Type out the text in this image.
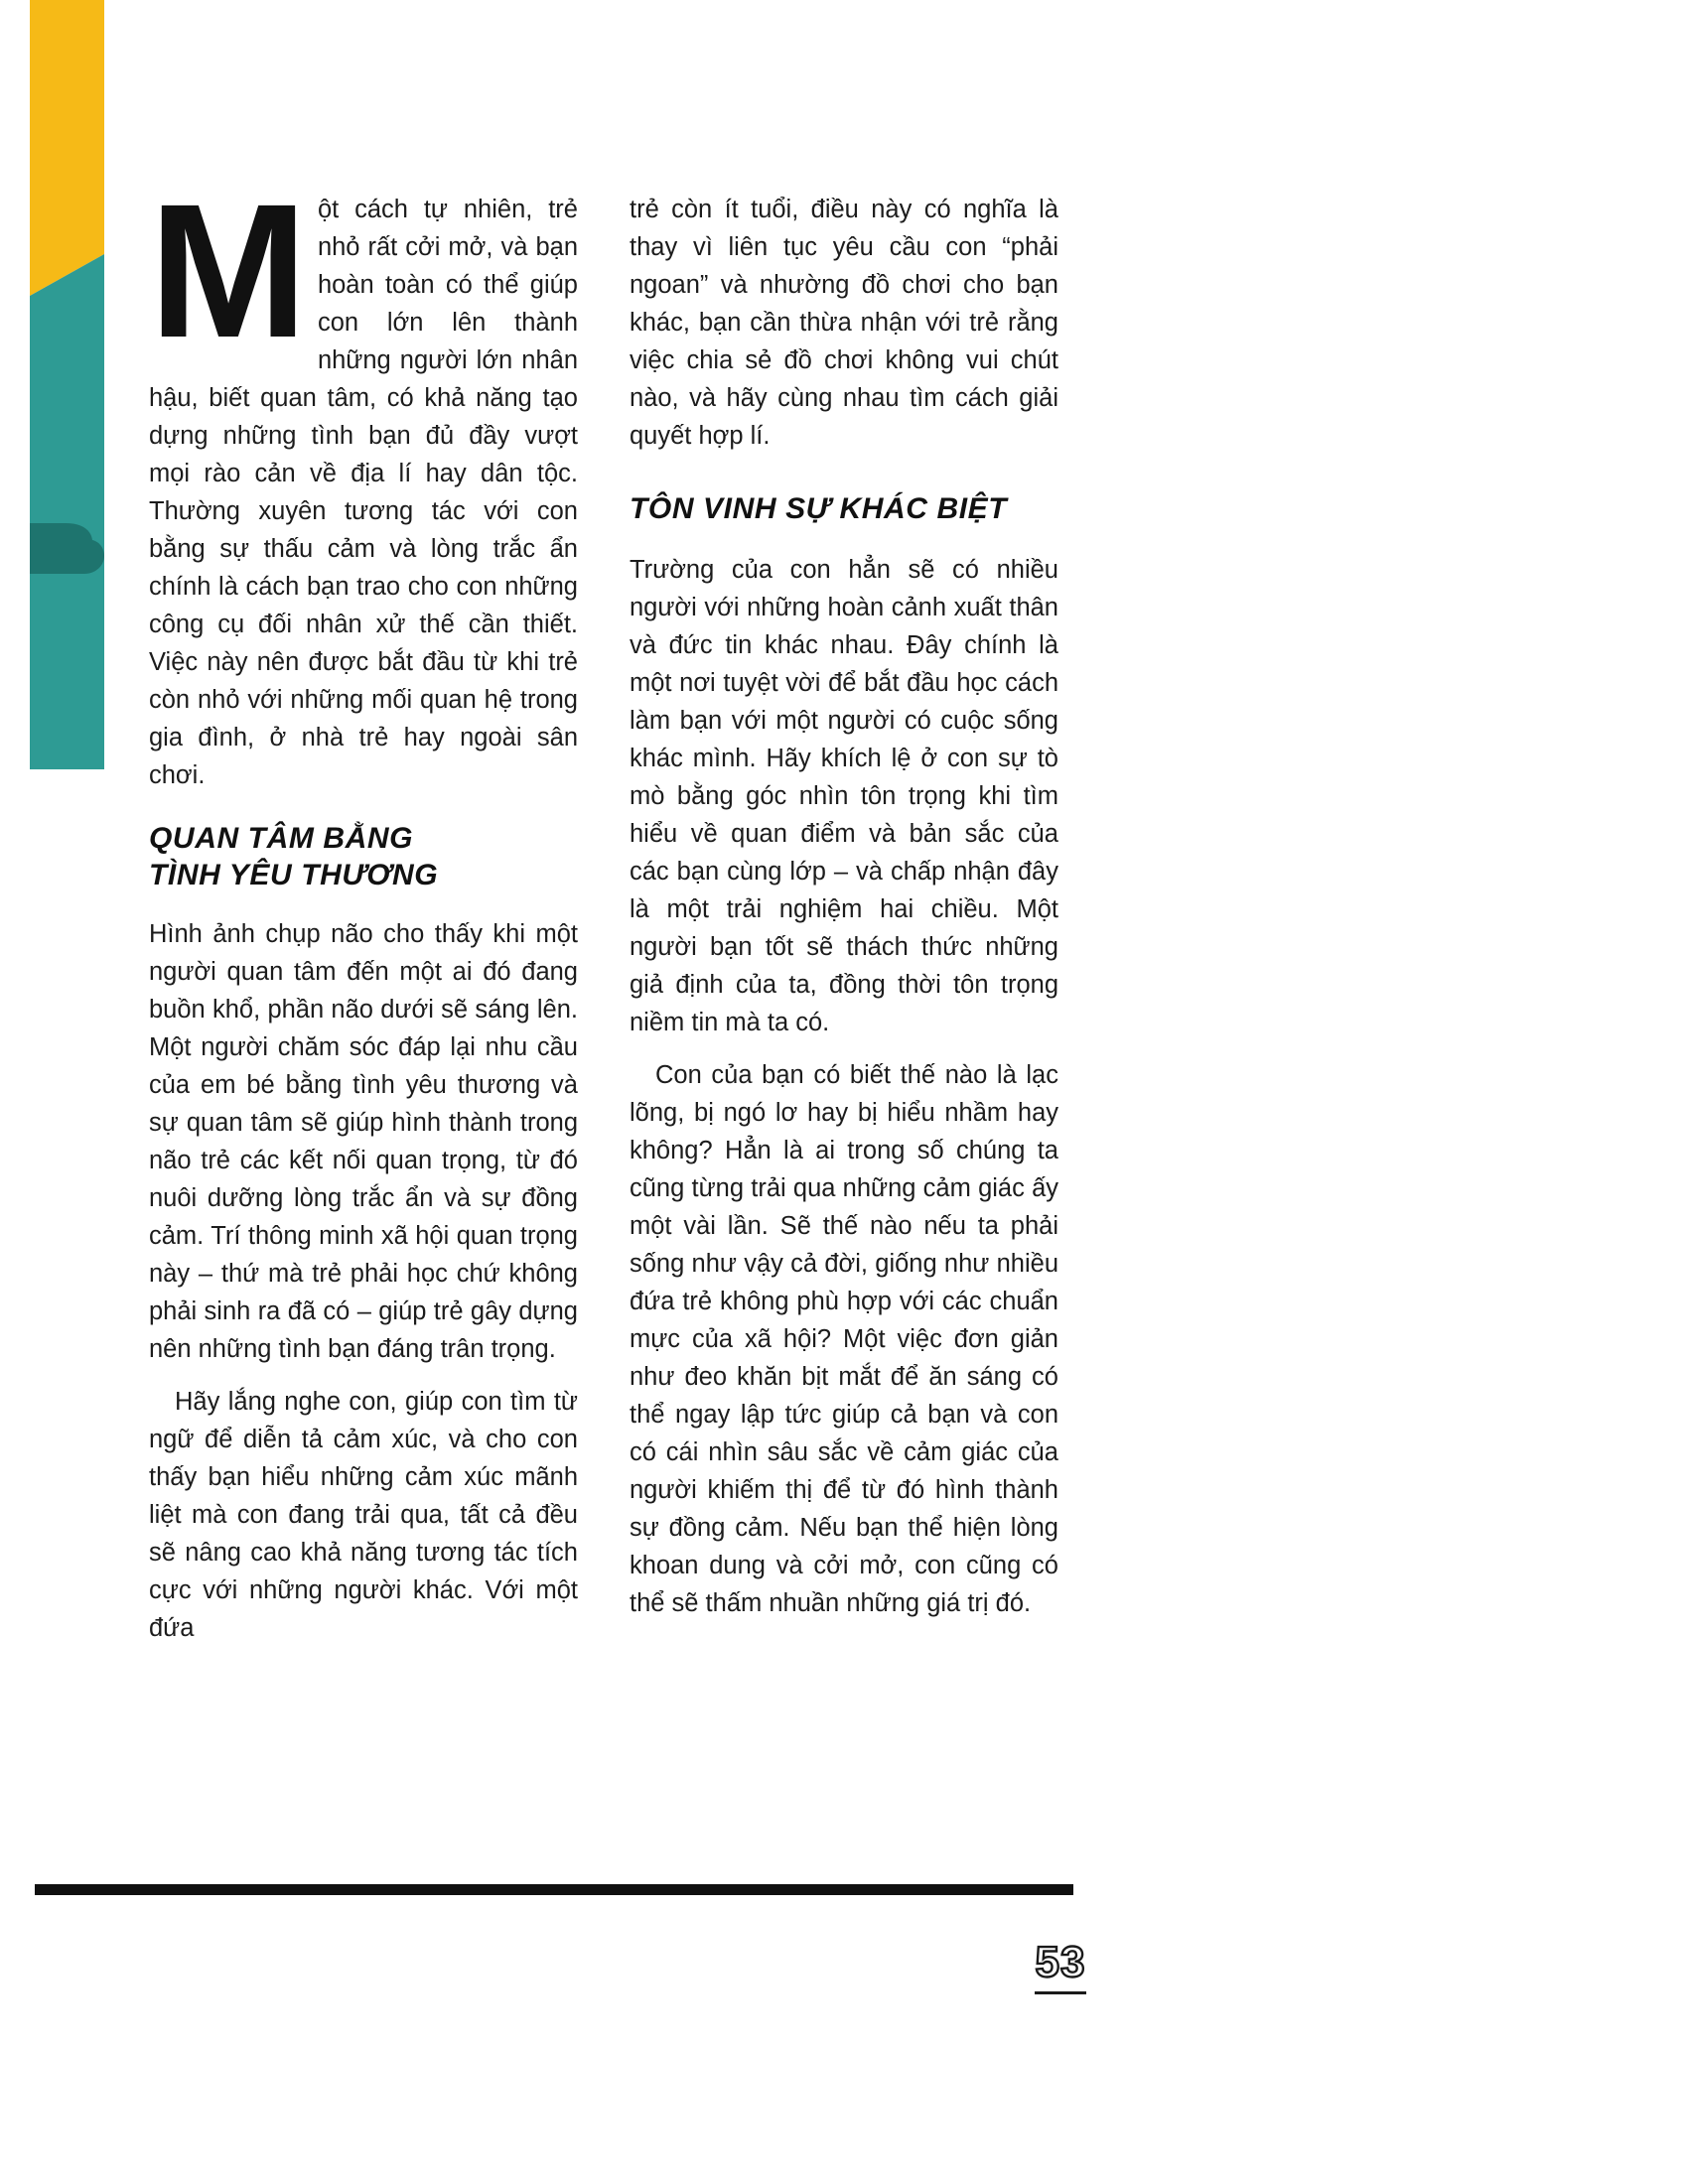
Một cách tự nhiên, trẻ nhỏ rất cởi mở, và bạn hoàn toàn có thể giúp con lớn lên thành những người lớn nhân hậu, biết quan tâm, có khả năng tạo dựng những tình bạn đủ đầy vượt mọi rào cản về địa lí hay dân tộc. Thường xuyên tương tác với con bằng sự thấu cảm và lòng trắc ẩn chính là cách bạn trao cho con những công cụ đối nhân xử thế cần thiết. Việc này nên được bắt đầu từ khi trẻ còn nhỏ với những mối quan hệ trong gia đình, ở nhà trẻ hay ngoài sân chơi.

QUAN TÂM BẰNG
TÌNH YÊU THƯƠNG

Hình ảnh chụp não cho thấy khi một người quan tâm đến một ai đó đang buồn khổ, phần não dưới sẽ sáng lên. Một người chăm sóc đáp lại nhu cầu của em bé bằng tình yêu thương và sự quan tâm sẽ giúp hình thành trong não trẻ các kết nối quan trọng, từ đó nuôi dưỡng lòng trắc ẩn và sự đồng cảm. Trí thông minh xã hội quan trọng này – thứ mà trẻ phải học chứ không phải sinh ra đã có – giúp trẻ gây dựng nên những tình bạn đáng trân trọng.

Hãy lắng nghe con, giúp con tìm từ ngữ để diễn tả cảm xúc, và cho con thấy bạn hiểu những cảm xúc mãnh liệt mà con đang trải qua, tất cả đều sẽ nâng cao khả năng tương tác tích cực với những người khác. Với một đứa

trẻ còn ít tuổi, điều này có nghĩa là thay vì liên tục yêu cầu con “phải ngoan” và nhường đồ chơi cho bạn khác, bạn cần thừa nhận với trẻ rằng việc chia sẻ đồ chơi không vui chút nào, và hãy cùng nhau tìm cách giải quyết hợp lí.

TÔN VINH SỰ KHÁC BIỆT

Trường của con hẳn sẽ có nhiều người với những hoàn cảnh xuất thân và đức tin khác nhau. Đây chính là một nơi tuyệt vời để bắt đầu học cách làm bạn với một người có cuộc sống khác mình. Hãy khích lệ ở con sự tò mò bằng góc nhìn tôn trọng khi tìm hiểu về quan điểm và bản sắc của các bạn cùng lớp – và chấp nhận đây là một trải nghiệm hai chiều. Một người bạn tốt sẽ thách thức những giả định của ta, đồng thời tôn trọng niềm tin mà ta có.

Con của bạn có biết thế nào là lạc lõng, bị ngó lơ hay bị hiểu nhầm hay không? Hẳn là ai trong số chúng ta cũng từng trải qua những cảm giác ấy một vài lần. Sẽ thế nào nếu ta phải sống như vậy cả đời, giống như nhiều đứa trẻ không phù hợp với các chuẩn mực của xã hội? Một việc đơn giản như đeo khăn bịt mắt để ăn sáng có thể ngay lập tức giúp cả bạn và con có cái nhìn sâu sắc về cảm giác của người khiếm thị để từ đó hình thành sự đồng cảm. Nếu bạn thể hiện lòng khoan dung và cởi mở, con cũng có thể sẽ thấm nhuần những giá trị đó.

53
